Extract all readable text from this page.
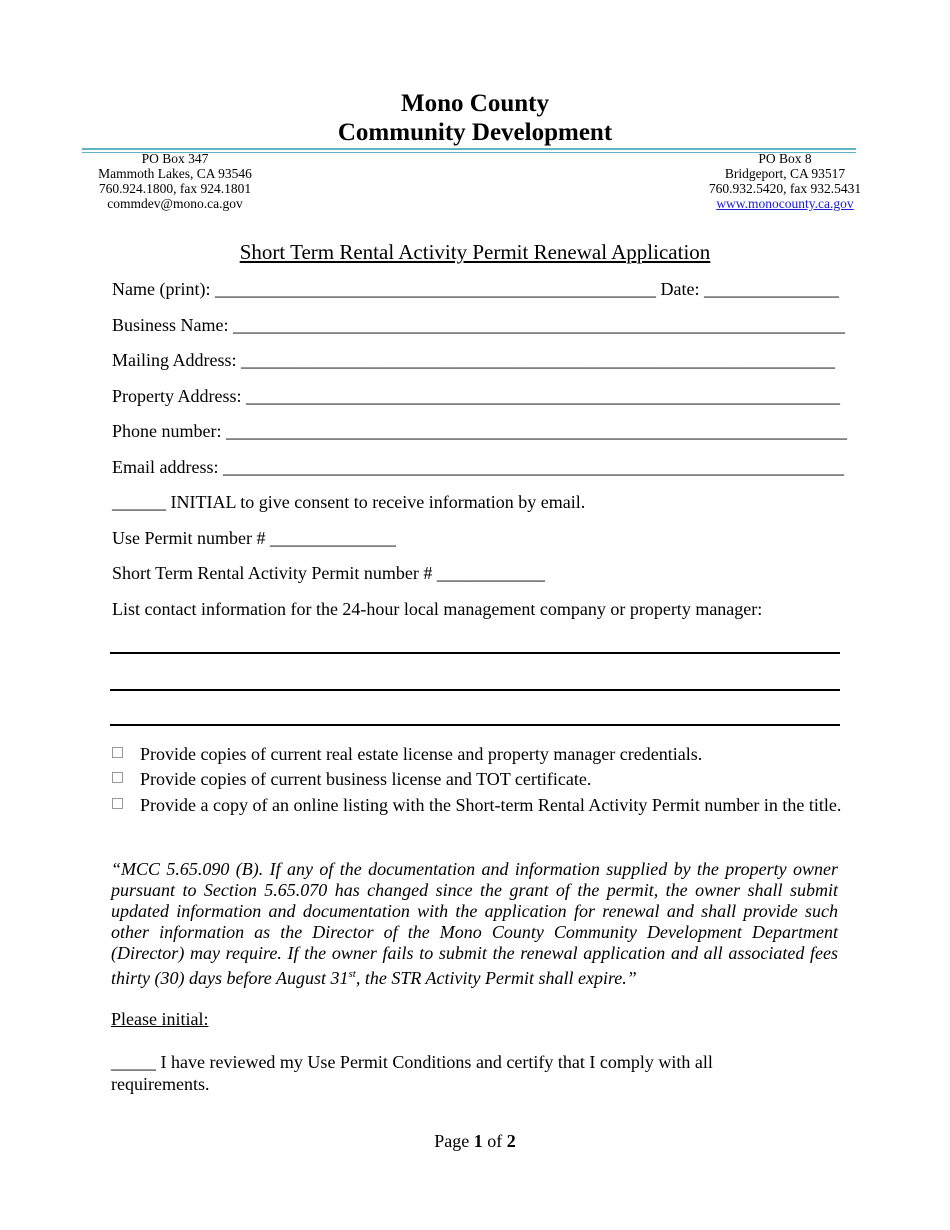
Mono County
Community Development
PO Box 347
Mammoth Lakes, CA 93546
760.924.1800, fax 924.1801
commdev@mono.ca.gov
PO Box 8
Bridgeport, CA 93517
760.932.5420, fax 932.5431
www.monocounty.ca.gov
Short Term Rental Activity Permit Renewal Application
Name (print): _________________________________________________ Date: _______________
Business Name: ____________________________________________________________________
Mailing Address: __________________________________________________________________
Property Address: __________________________________________________________________
Phone number: _____________________________________________________________________
Email address: _____________________________________________________________________
______ INITIAL to give consent to receive information by email.
Use Permit number # ______________
Short Term Rental Activity Permit number # ____________
List contact information for the 24-hour local management company or property manager:
Provide copies of current real estate license and property manager credentials.
Provide copies of current business license and TOT certificate.
Provide a copy of an online listing with the Short-term Rental Activity Permit number in the title.
“MCC 5.65.090 (B). If any of the documentation and information supplied by the property owner pursuant to Section 5.65.070 has changed since the grant of the permit, the owner shall submit updated information and documentation with the application for renewal and shall provide such other information as the Director of the Mono County Community Development Department (Director) may require. If the owner fails to submit the renewal application and all associated fees thirty (30) days before August 31st, the STR Activity Permit shall expire.”
Please initial:
_____ I have reviewed my Use Permit Conditions and certify that I comply with all requirements.
Page 1 of 2
